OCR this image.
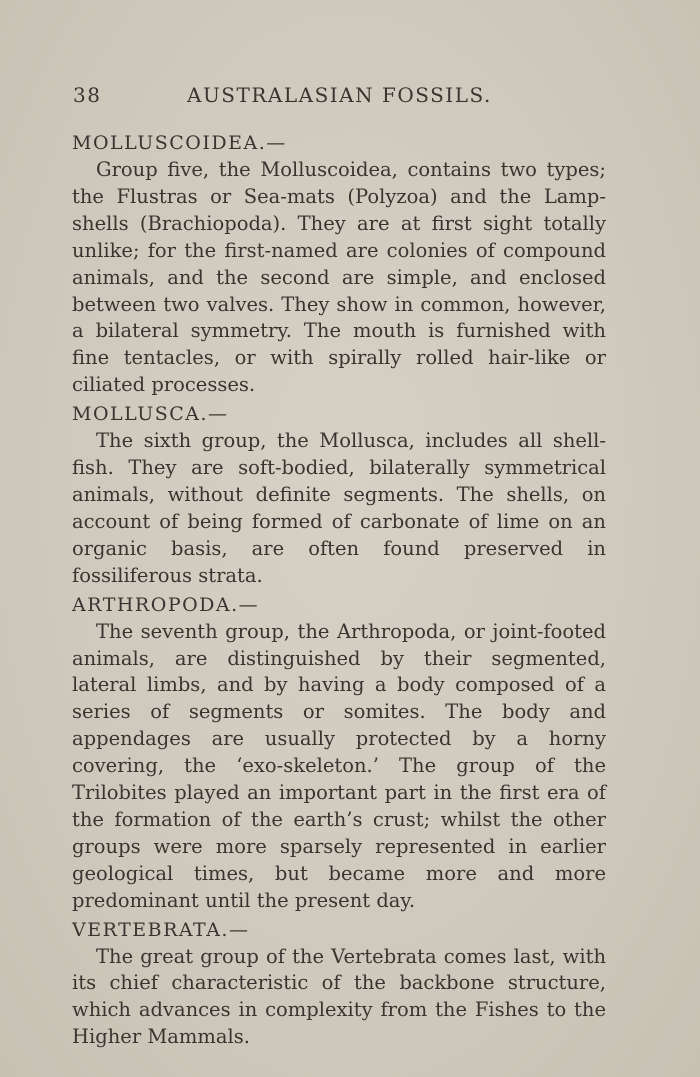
38	AUSTRALASIAN FOSSILS.
MOLLUSCOIDEA.—

Group five, the Molluscoidea, contains two types; the Flustras or Sea-mats (Polyzoa) and the Lamp-shells (Brachiopoda). They are at first sight totally unlike; for the first-named are colonies of compound animals, and the second are simple, and enclosed between two valves. They show in common, however, a bilateral symmetry. The mouth is furnished with fine tentacles, or with spirally rolled hair-like or ciliated processes.

MOLLUSCA.—

The sixth group, the Mollusca, includes all shell-fish. They are soft-bodied, bilaterally symmetrical animals, without definite segments. The shells, on account of being formed of carbonate of lime on an organic basis, are often found preserved in fossiliferous strata.

ARTHROPODA.—

The seventh group, the Arthropoda, or joint-footed animals, are distinguished by their segmented, lateral limbs, and by having a body composed of a series of segments or somites. The body and appendages are usually protected by a horny covering, the ‘exo-skeleton.’ The group of the Trilobites played an important part in the first era of the formation of the earth’s crust; whilst the other groups were more sparsely represented in earlier geological times, but became more and more predominant until the present day.

VERTEBRATA.—

The great group of the Vertebrata comes last, with its chief characteristic of the backbone structure, which advances in complexity from the Fishes to the Higher Mammals.
